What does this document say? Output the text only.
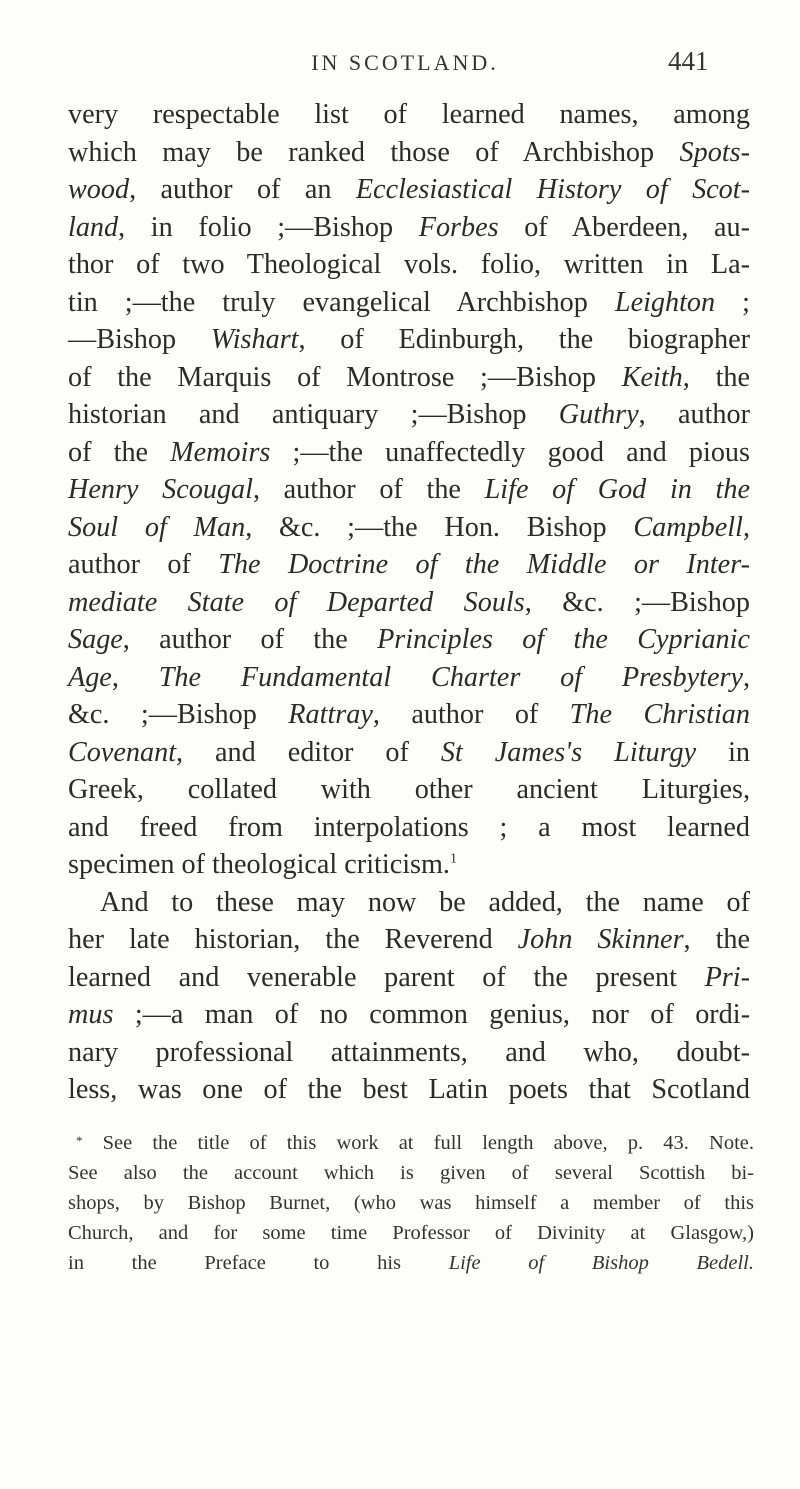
IN SCOTLAND.	441
very respectable list of learned names, among
which may be ranked those of Archbishop Spots-
wood, author of an Ecclesiastical History of Scot-
land, in folio ;—Bishop Forbes of Aberdeen, au-
thor of two Theological vols. folio, written in La-
tin ;—the truly evangelical Archbishop Leighton ;
—Bishop Wishart, of Edinburgh, the biographer
of the Marquis of Montrose ;—Bishop Keith, the
historian and antiquary ;—Bishop Guthry, author
of the Memoirs ;—the unaffectedly good and pious
Henry Scougal, author of the Life of God in the
Soul of Man, &c. ;—the Hon. Bishop Campbell,
author of The Doctrine of the Middle or Inter-
mediate State of Departed Souls, &c. ;—Bishop
Sage, author of the Principles of the Cyprianic
Age, The Fundamental Charter of Presbytery,
&c. ;—Bishop Rattray, author of The Christian
Covenant, and editor of St James's Liturgy in
Greek, collated with other ancient Liturgies,
and freed from interpolations ; a most learned
specimen of theological criticism.$^1$
And to these may now be added, the name of
her late historian, the Reverend John Skinner, the
learned and venerable parent of the present Pri-
mus ;—a man of no common genius, nor of ordi-
nary professional attainments, and who, doubt-
less, was one of the best Latin poets that Scotland
* See the title of this work at full length above, p. 43. Note.
See also the account which is given of several Scottish bi-
shops, by Bishop Burnet, (who was himself a member of this
Church, and for some time Professor of Divinity at Glasgow,)
in the Preface to his Life of Bishop Bedell.
